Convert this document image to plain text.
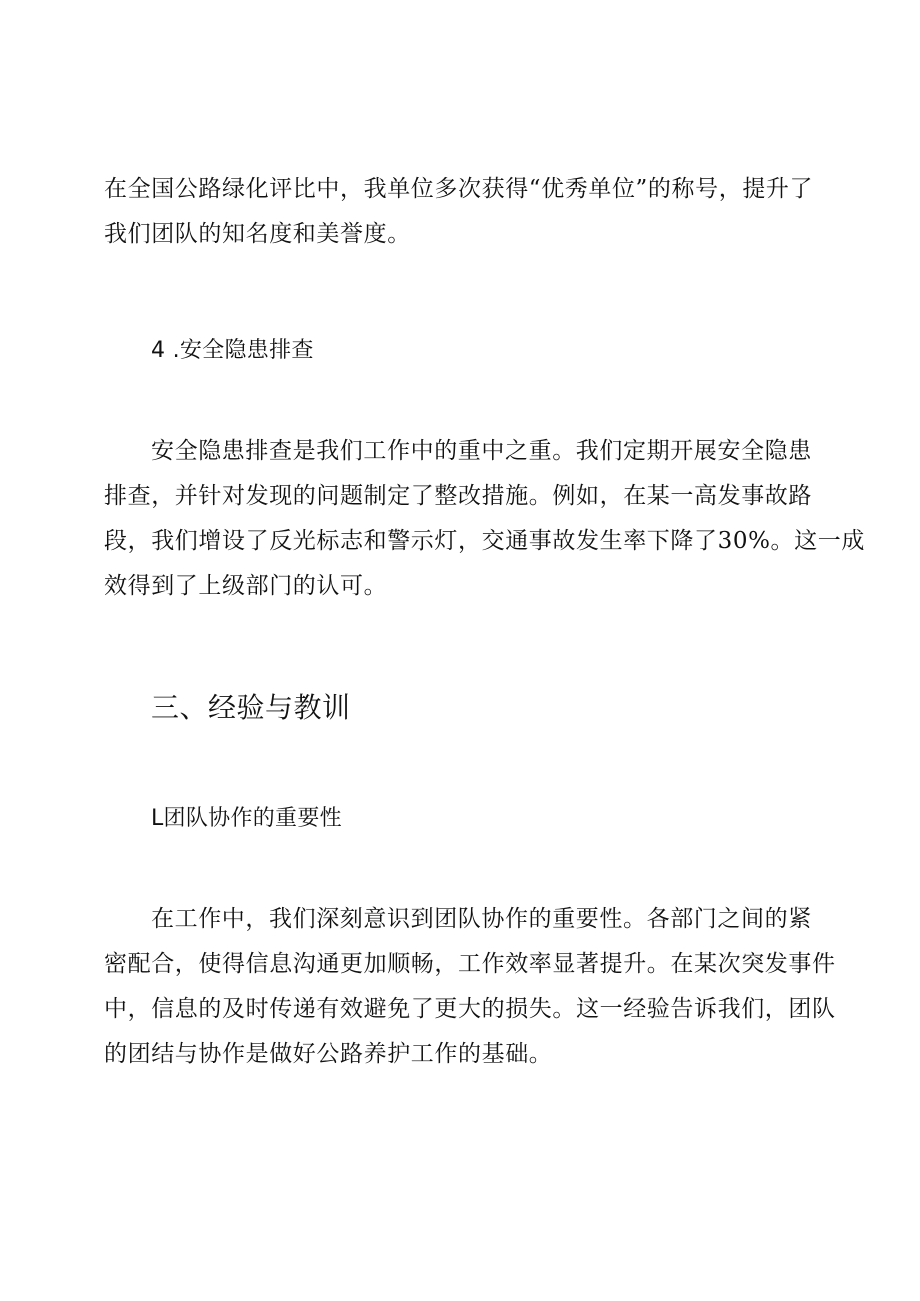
在全国公路绿化评比中，我单位多次获得“优秀单位”的称号，提升了
我们团队的知名度和美誉度。

4 .安全隐患排查

安全隐患排查是我们工作中的重中之重。我们定期开展安全隐患
排查，并针对发现的问题制定了整改措施。例如，在某一高发事故路
段，我们增设了反光标志和警示灯，交通事故发生率下降了30%。这一成
效得到了上级部门的认可。

三、经验与教训
L团队协作的重要性

在工作中，我们深刻意识到团队协作的重要性。各部门之间的紧
密配合，使得信息沟通更加顺畅，工作效率显著提升。在某次突发事件
中，信息的及时传递有效避免了更大的损失。这一经验告诉我们，团队
的团结与协作是做好公路养护工作的基础。
